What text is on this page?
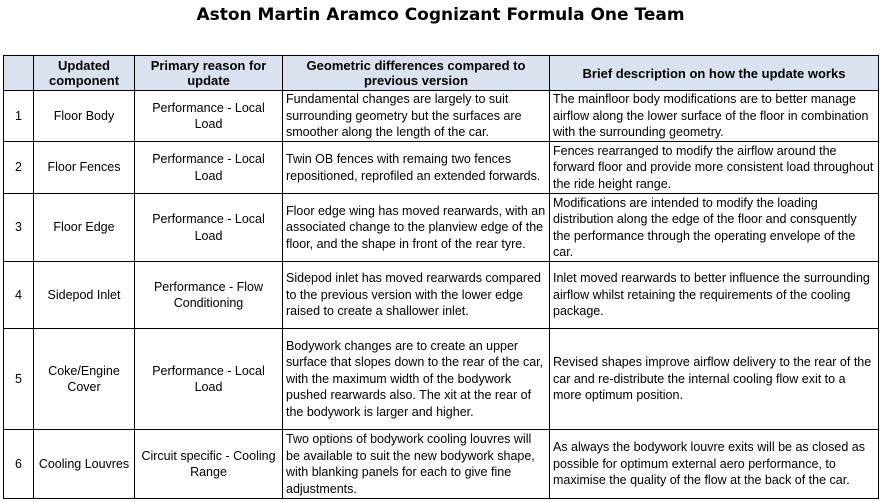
Aston Martin Aramco Cognizant Formula One Team
	Updated component	Primary reason for update	Geometric differences compared to previous version	Brief description on how the update works
1	Floor Body	Performance - Local Load	Fundamental changes are largely to suit surrounding geometry but the surfaces are smoother along the length of the car.	The mainfloor body modifications are to better manage airflow along the lower surface of the floor in combination with the surrounding geometry.
2	Floor Fences	Performance - Local Load	Twin OB fences with remaing two fences repositioned, reprofiled an extended forwards.	Fences rearranged to modify the airflow around the forward floor and provide more consistent load throughout the ride height range.
3	Floor Edge	Performance - Local Load	Floor edge wing has moved rearwards, with an associated change to the planview edge of the floor, and the shape in front of the rear tyre.	Modifications are intended to modify the loading distribution along the edge of the floor and consquently the performance through the operating envelope of the car.
4	Sidepod Inlet	Performance - Flow Conditioning	Sidepod inlet has moved rearwards compared to the previous version with the lower edge raised to create a shallower inlet.	Inlet moved rearwards to better influence the surrounding airflow whilst retaining the requirements of the cooling package.
5	Coke/Engine Cover	Performance - Local Load	Bodywork changes are to create an upper surface that slopes down to the rear of the car, with the maximum width of the bodywork pushed rearwards also. The xit at the rear of the bodywork is larger and higher.	Revised shapes improve airflow delivery to the rear of the car and re-distribute the internal cooling flow exit to a more optimum position.
6	Cooling Louvres	Circuit specific - Cooling Range	Two options of bodywork cooling louvres will be available to suit the new bodywork shape, with blanking panels for each to give fine adjustments.	As always the bodywork louvre exits will be as closed as possible for optimum external aero performance, to maximise the quality of the flow at the back of the car.
